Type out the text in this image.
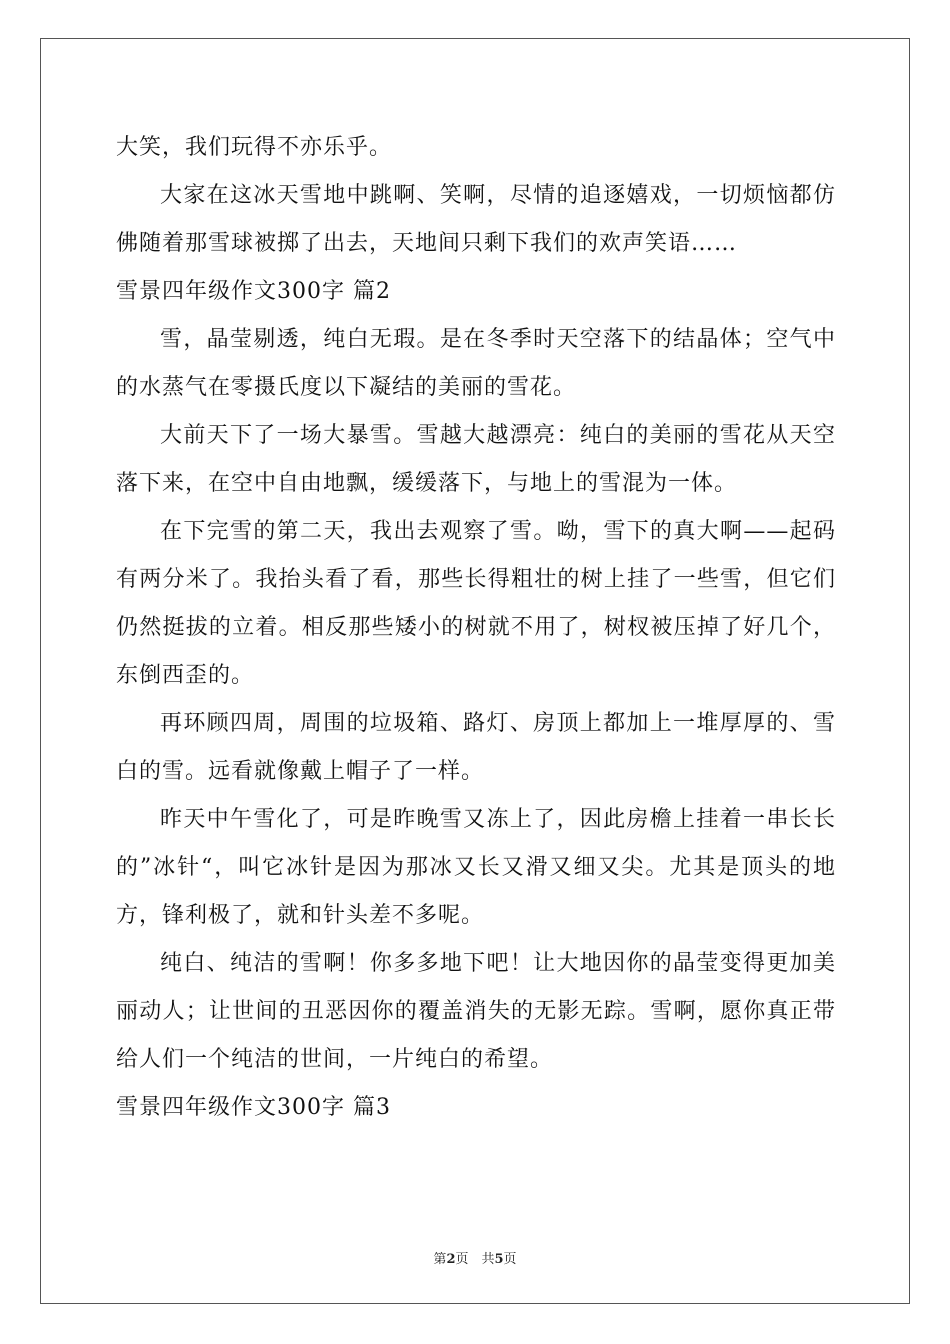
大笑，我们玩得不亦乐乎。

大家在这冰天雪地中跳啊、笑啊，尽情的追逐嬉戏，一切烦恼都仿佛随着那雪球被掷了出去，天地间只剩下我们的欢声笑语……

雪景四年级作文300字 篇2

雪，晶莹剔透，纯白无瑕。是在冬季时天空落下的结晶体；空气中的水蒸气在零摄氏度以下凝结的美丽的雪花。

大前天下了一场大暴雪。雪越大越漂亮：纯白的美丽的雪花从天空落下来，在空中自由地飘，缓缓落下，与地上的雪混为一体。

在下完雪的第二天，我出去观察了雪。呦，雪下的真大啊——起码有两分米了。我抬头看了看，那些长得粗壮的树上挂了一些雪，但它们仍然挺拔的立着。相反那些矮小的树就不用了，树杈被压掉了好几个，东倒西歪的。

再环顾四周，周围的垃圾箱、路灯、房顶上都加上一堆厚厚的、雪白的雪。远看就像戴上帽子了一样。

昨天中午雪化了，可是昨晚雪又冻上了，因此房檐上挂着一串长长的”冰针“，叫它冰针是因为那冰又长又滑又细又尖。尤其是顶头的地方，锋利极了，就和针头差不多呢。

纯白、纯洁的雪啊！你多多地下吧！让大地因你的晶莹变得更加美丽动人；让世间的丑恶因你的覆盖消失的无影无踪。雪啊，愿你真正带给人们一个纯洁的世间，一片纯白的希望。

雪景四年级作文300字 篇3

第2页　共5页
